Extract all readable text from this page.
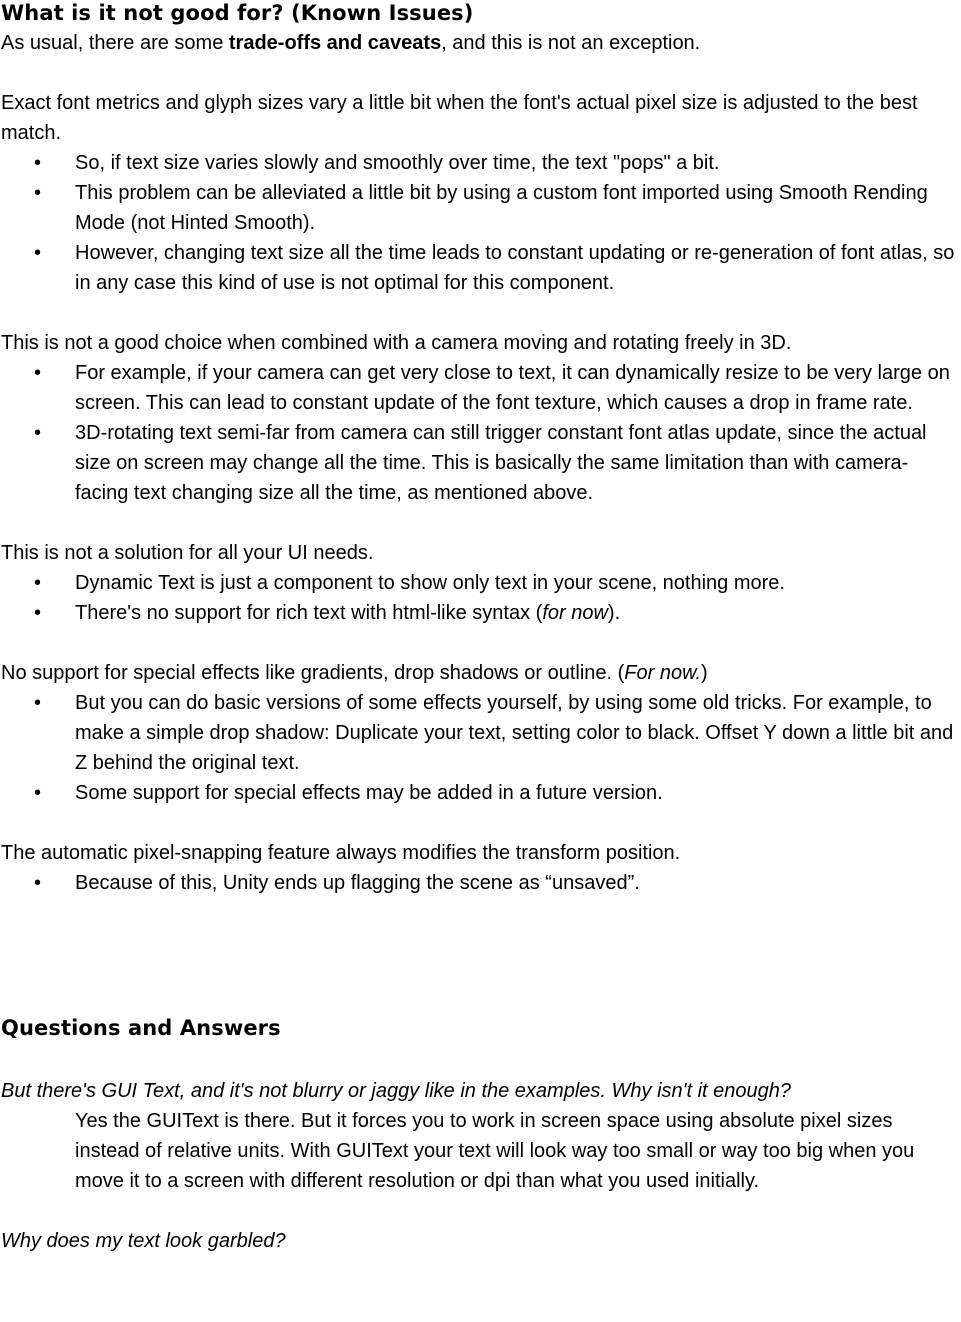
What is it not good for? (Known Issues)

As usual, there are some trade-offs and caveats, and this is not an exception.

Exact font metrics and glyph sizes vary a little bit when the font's actual pixel size is adjusted to the best match.

• So, if text size varies slowly and smoothly over time, the text "pops" a bit.
• This problem can be alleviated a little bit by using a custom font imported using Smooth Rending Mode (not Hinted Smooth).
• However, changing text size all the time leads to constant updating or re-generation of font atlas, so in any case this kind of use is not optimal for this component.

This is not a good choice when combined with a camera moving and rotating freely in 3D.

• For example, if your camera can get very close to text, it can dynamically resize to be very large on screen. This can lead to constant update of the font texture, which causes a drop in frame rate.
• 3D-rotating text semi-far from camera can still trigger constant font atlas update, since the actual size on screen may change all the time. This is basically the same limitation than with camera-facing text changing size all the time, as mentioned above.

This is not a solution for all your UI needs.

• Dynamic Text is just a component to show only text in your scene, nothing more.
• There's no support for rich text with html-like syntax (for now).

No support for special effects like gradients, drop shadows or outline. (For now.)

• But you can do basic versions of some effects yourself, by using some old tricks. For example, to make a simple drop shadow: Duplicate your text, setting color to black. Offset Y down a little bit and Z behind the original text.
• Some support for special effects may be added in a future version.

The automatic pixel-snapping feature always modifies the transform position.

• Because of this, Unity ends up flagging the scene as “unsaved”.
Questions and Answers

But there's GUI Text, and it's not blurry or jaggy like in the examples. Why isn't it enough?

Yes the GUIText is there. But it forces you to work in screen space using absolute pixel sizes instead of relative units. With GUIText your text will look way too small or way too big when you move it to a screen with different resolution or dpi than what you used initially.

Why does my text look garbled?
